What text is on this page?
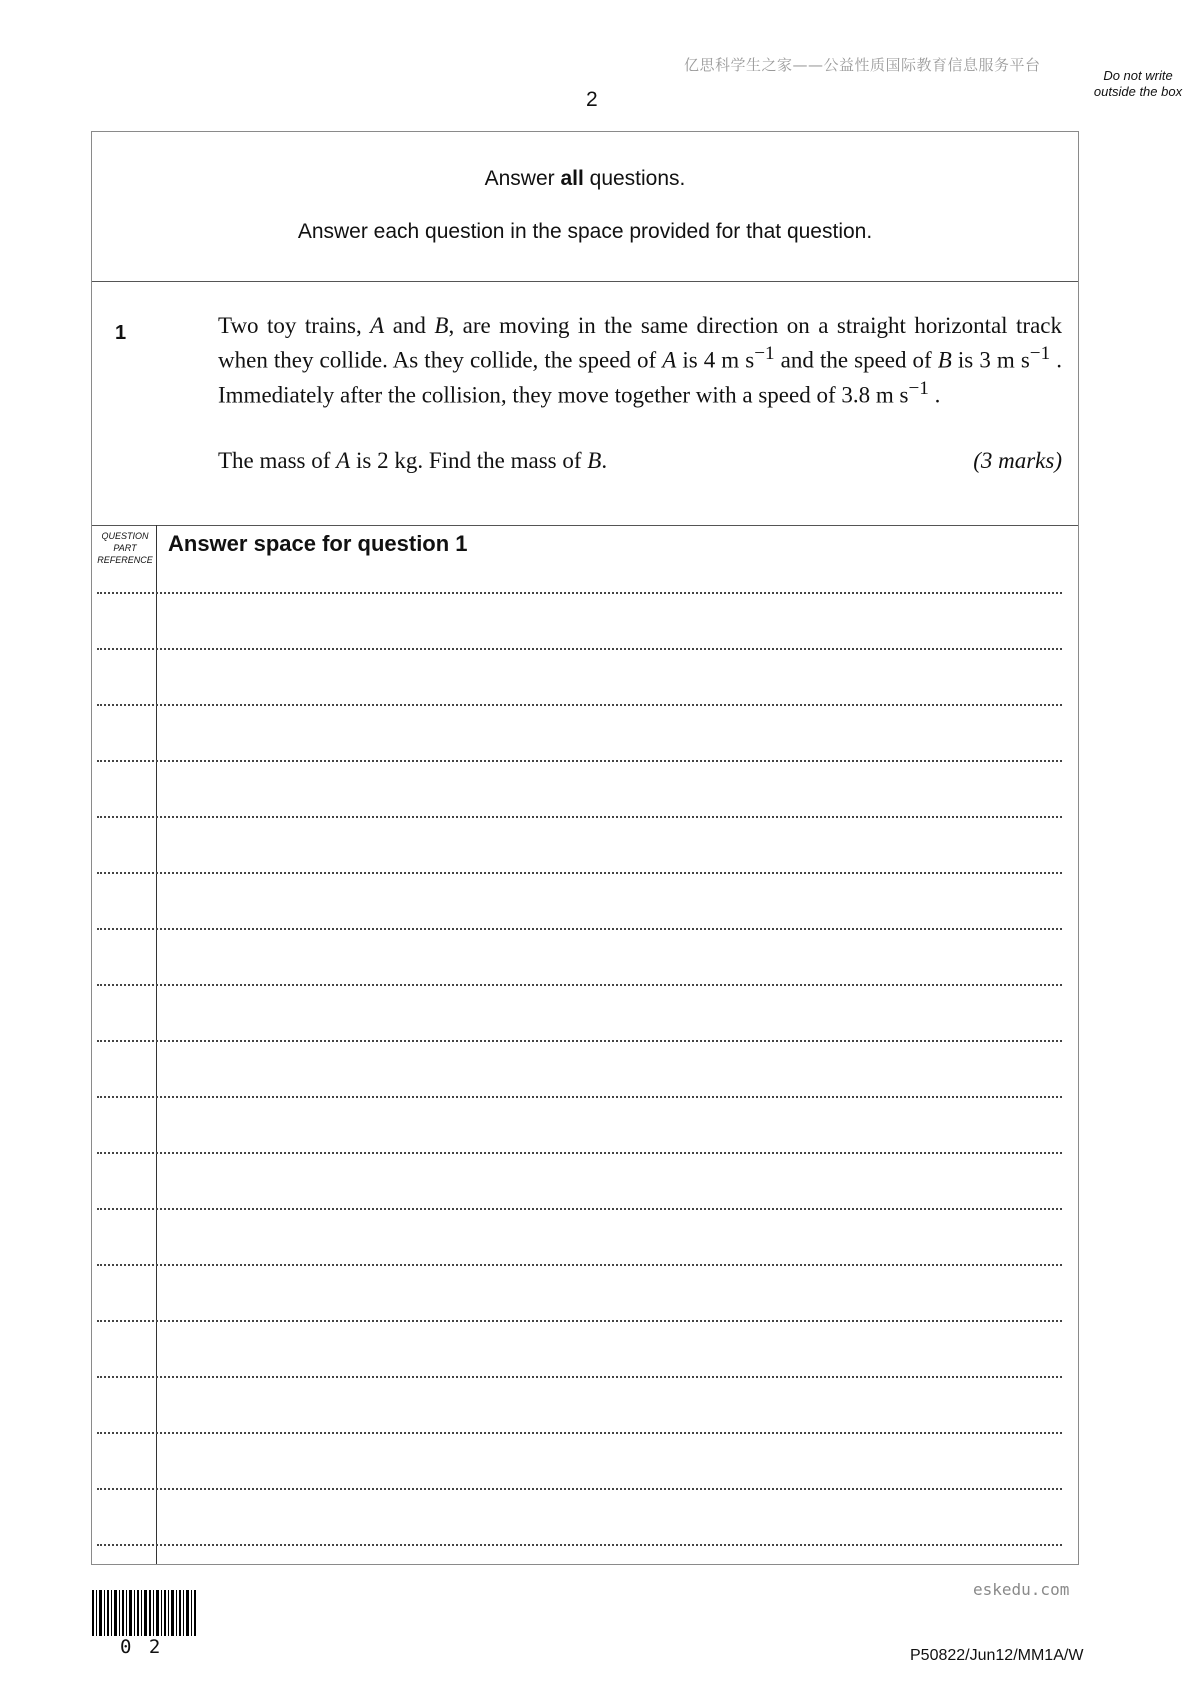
亿思科学生之家——公益性质国际教育信息服务平台
2
Do not write outside the box
Answer all questions.
Answer each question in the space provided for that question.
1	Two toy trains, A and B, are moving in the same direction on a straight horizontal track when they collide. As they collide, the speed of A is 4 m $s^{-1}$ and the speed of B is 3 m $s^{-1}$ . Immediately after the collision, they move together with a speed of 3.8 m $s^{-1}$ .

The mass of A is 2 kg. Find the mass of B.	(3 marks)
QUESTION PART REFERENCE
Answer space for question 1
eskedu.com
0 2	P50822/Jun12/MM1A/W
